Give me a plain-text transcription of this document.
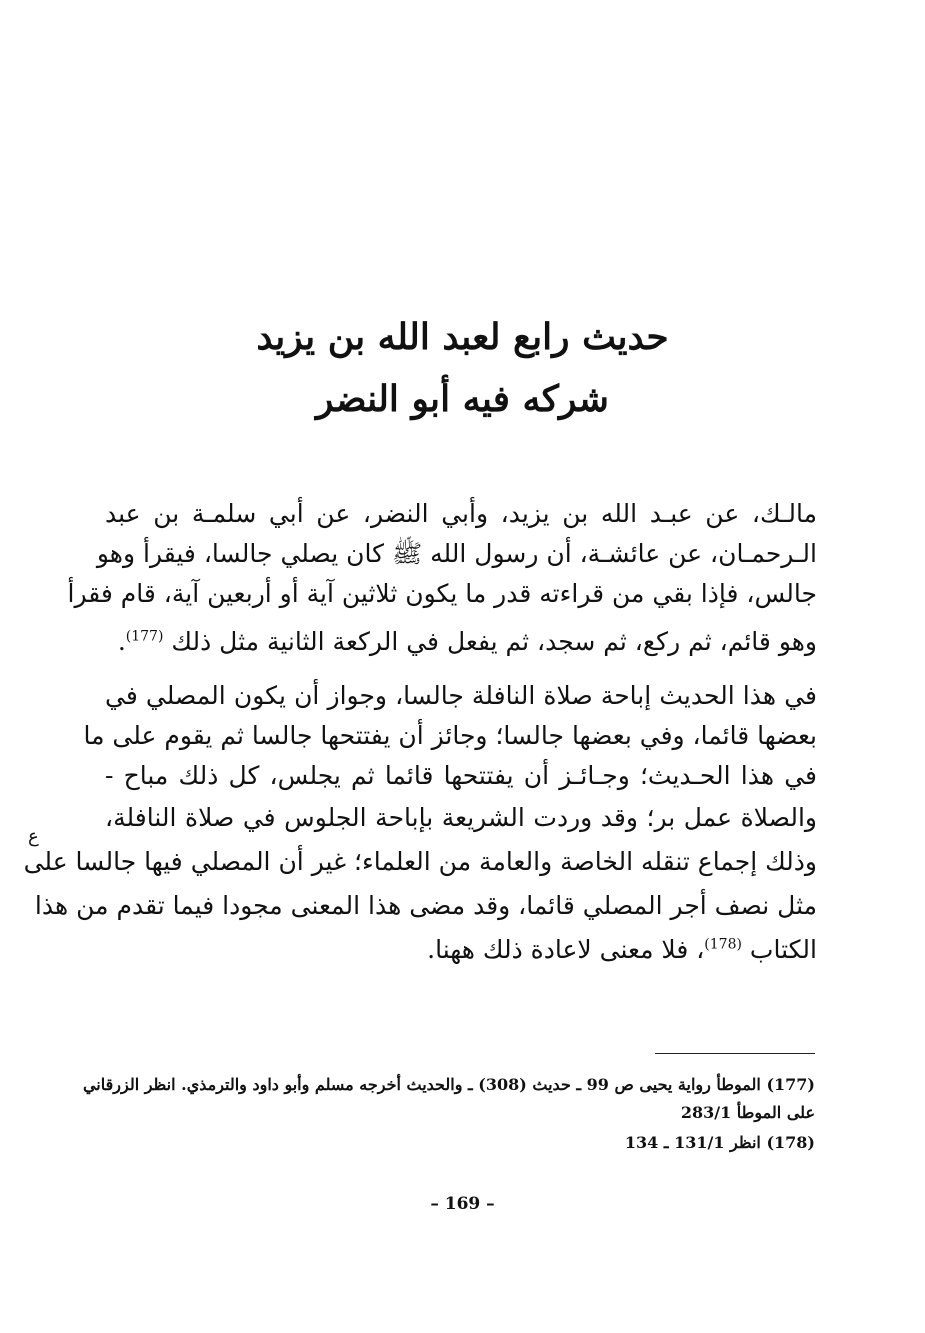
حديث رابع لعبد الله بن يزيد
شركه فيه أبو النضر
مالـك، عن عبـد الله بن يزيد، وأبي النضر، عن أبي سلمـة بن عبد
الـرحمـان، عن عائشـة، أن رسول الله ﷺ كان يصلي جالسا، فيقرأ وهو
جالس، فإذا بقي من قراءته قدر ما يكون ثلاثين آية أو أربعين آية، قام فقرأ
وهو قائم، ثم ركع، ثم سجد، ثم يفعل في الركعة الثانية مثل ذلك $^{(177)}$.
في هذا الحديث إباحة صلاة النافلة جالسا، وجواز أن يكون المصلي في
بعضها قائما، وفي بعضها جالسا؛ وجائز أن يفتتحها جالسا ثم يقوم على ما
في هذا الحـديث؛ وجـائـز أن يفتتحها قائما ثم يجلس، كل ذلك مباح -
والصلاة عمل بر؛ وقد وردت الشريعة بإباحة الجلوس في صلاة النافلة،
وذلك إجماع تنقله الخاصة والعامة من العلماء؛ غير أن المصلي فيها جالسا على
مثل نصف أجر المصلي قائما، وقد مضى هذا المعنى مجودا فيما تقدم من هذا
الكتاب $^{(178)}$، فلا معنى لاعادة ذلك ههنا.
ع
(177) الموطأ رواية يحيى ص 99 ـ حديث (308) ـ والحديث أخرجه مسلم وأبو داود والترمذي. انظر الزرقاني
على الموطأ 283/1
(178) انظر 131/1 ـ 134
– 169 –
